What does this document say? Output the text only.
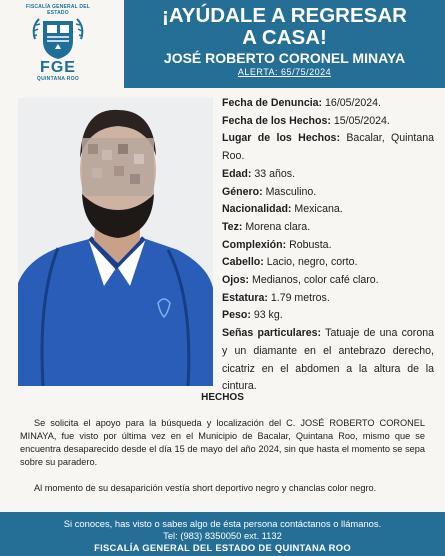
FISCALÍA GENERAL DEL ESTADO
FGE
QUINTANA ROO
¡AYÚDALE A REGRESAR
A CASA!
JOSÉ ROBERTO CORONEL MINAYA
ALERTA: 65/75/2024

Fecha de Denuncia: 16/05/2024.

Fecha de los Hechos: 15/05/2024.

Lugar de los Hechos: Bacalar, Quintana Roo.

Edad: 33 años.

Género: Masculino.

Nacionalidad: Mexicana.

Tez: Morena clara.

Complexión: Robusta.

Cabello: Lacio, negro, corto.

Ojos: Medianos, color café claro.

Estatura: 1.79 metros.

Peso: 93 kg.

Señas particulares: Tatuaje de una corona y un diamante en el antebrazo derecho, cicatriz en el abdomen a la altura de la cintura.

HECHOS

Se solicita el apoyo para la búsqueda y localización del C. JOSÉ ROBERTO CORONEL MINAYA, fue visto por última vez en el Municipio de Bacalar, Quintana Roo, mismo que se encuentra desaparecido desde el día 15 de mayo del año 2024, sin que hasta el momento se sepa sobre su paradero.

Al momento de su desaparición vestía short deportivo negro y chanclas color negro.

Si conoces, has visto o sabes algo de ésta persona contáctanos o llámanos.
Tel: (983) 8350050 ext. 1132
FISCALÍA GENERAL DEL ESTADO DE QUINTANA ROO
